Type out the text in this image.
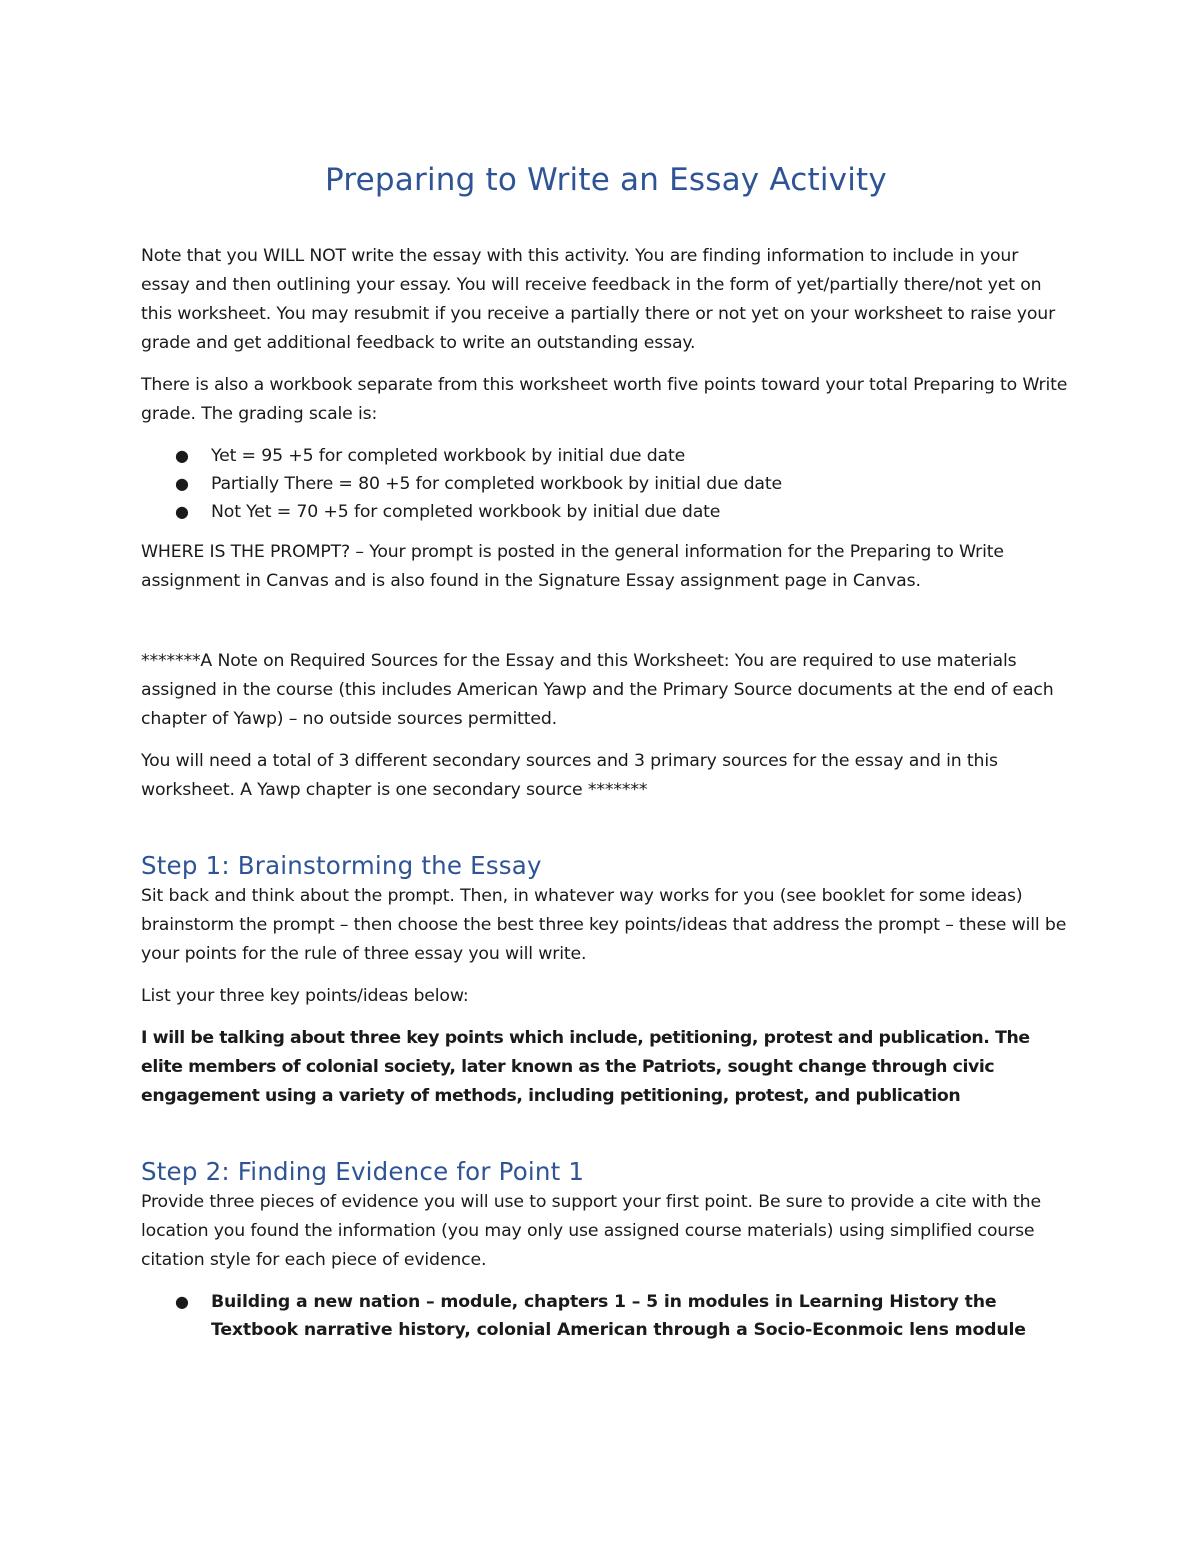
Preparing to Write an Essay Activity

Note that you WILL NOT write the essay with this activity. You are finding information to include in your essay and then outlining your essay. You will receive feedback in the form of yet/partially there/not yet on this worksheet. You may resubmit if you receive a partially there or not yet on your worksheet to raise your grade and get additional feedback to write an outstanding essay.

There is also a workbook separate from this worksheet worth five points toward your total Preparing to Write grade. The grading scale is:

● Yet = 95 +5 for completed workbook by initial due date
● Partially There = 80 +5 for completed workbook by initial due date
● Not Yet = 70 +5 for completed workbook by initial due date

WHERE IS THE PROMPT? – Your prompt is posted in the general information for the Preparing to Write assignment in Canvas and is also found in the Signature Essay assignment page in Canvas.

*******A Note on Required Sources for the Essay and this Worksheet: You are required to use materials assigned in the course (this includes American Yawp and the Primary Source documents at the end of each chapter of Yawp) – no outside sources permitted.

You will need a total of 3 different secondary sources and 3 primary sources for the essay and in this worksheet. A Yawp chapter is one secondary source *******

Step 1: Brainstorming the Essay

Sit back and think about the prompt. Then, in whatever way works for you (see booklet for some ideas) brainstorm the prompt – then choose the best three key points/ideas that address the prompt – these will be your points for the rule of three essay you will write.

List your three key points/ideas below:

I will be talking about three key points which include, petitioning, protest and publication. The elite members of colonial society, later known as the Patriots, sought change through civic engagement using a variety of methods, including petitioning, protest, and publication

Step 2: Finding Evidence for Point 1

Provide three pieces of evidence you will use to support your first point. Be sure to provide a cite with the location you found the information (you may only use assigned course materials) using simplified course citation style for each piece of evidence.

● Building a new nation – module, chapters 1 – 5 in modules in Learning History the Textbook narrative history, colonial American through a Socio-Econmoic lens module
